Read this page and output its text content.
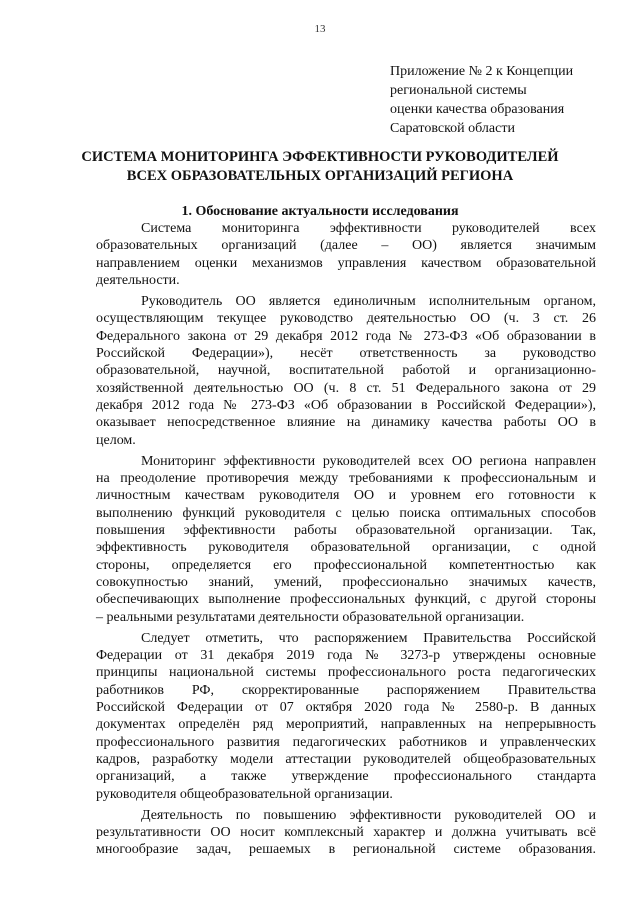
13
Приложение № 2 к Концепции
региональной системы
оценки качества образования
Саратовской области
СИСТЕМА МОНИТОРИНГА ЭФФЕКТИВНОСТИ РУКОВОДИТЕЛЕЙ
ВСЕХ ОБРАЗОВАТЕЛЬНЫХ ОРГАНИЗАЦИЙ РЕГИОНА
1. Обоснование актуальности исследования
Система мониторинга эффективности руководителей всех
образовательных организаций (далее – ОО) является значимым
направлением оценки механизмов управления качеством образовательной
деятельности.
Руководитель ОО является единоличным исполнительным органом,
осуществляющим текущее руководство деятельностью ОО (ч. 3 ст. 26
Федерального закона от 29 декабря 2012 года № 273-ФЗ «Об образовании в
Российской Федерации»), несёт ответственность за руководство
образовательной, научной, воспитательной работой и организационно-
хозяйственной деятельностью ОО (ч. 8 ст. 51 Федерального закона от 29
декабря 2012 года № 273-ФЗ «Об образовании в Российской Федерации»),
оказывает непосредственное влияние на динамику качества работы ОО в
целом.
Мониторинг эффективности руководителей всех ОО региона направлен
на преодоление противоречия между требованиями к профессиональным и
личностным качествам руководителя ОО и уровнем его готовности к
выполнению функций руководителя с целью поиска оптимальных способов
повышения эффективности работы образовательной организации. Так,
эффективность руководителя образовательной организации, с одной
стороны, определяется его профессиональной компетентностью как
совокупностью знаний, умений, профессионально значимых качеств,
обеспечивающих выполнение профессиональных функций, с другой стороны
– реальными результатами деятельности образовательной организации.
Следует отметить, что распоряжением Правительства Российской
Федерации от 31 декабря 2019 года № 3273-р утверждены основные
принципы национальной системы профессионального роста педагогических
работников РФ, скорректированные распоряжением Правительства
Российской Федерации от 07 октября 2020 года № 2580-р. В данных
документах определён ряд мероприятий, направленных на непрерывность
профессионального развития педагогических работников и управленческих
кадров, разработку модели аттестации руководителей общеобразовательных
организаций, а также утверждение профессионального стандарта
руководителя общеобразовательной организации.
Деятельность по повышению эффективности руководителей ОО и
результативности ОО носит комплексный характер и должна учитывать всё
многообразие задач, решаемых в региональной системе образования.
